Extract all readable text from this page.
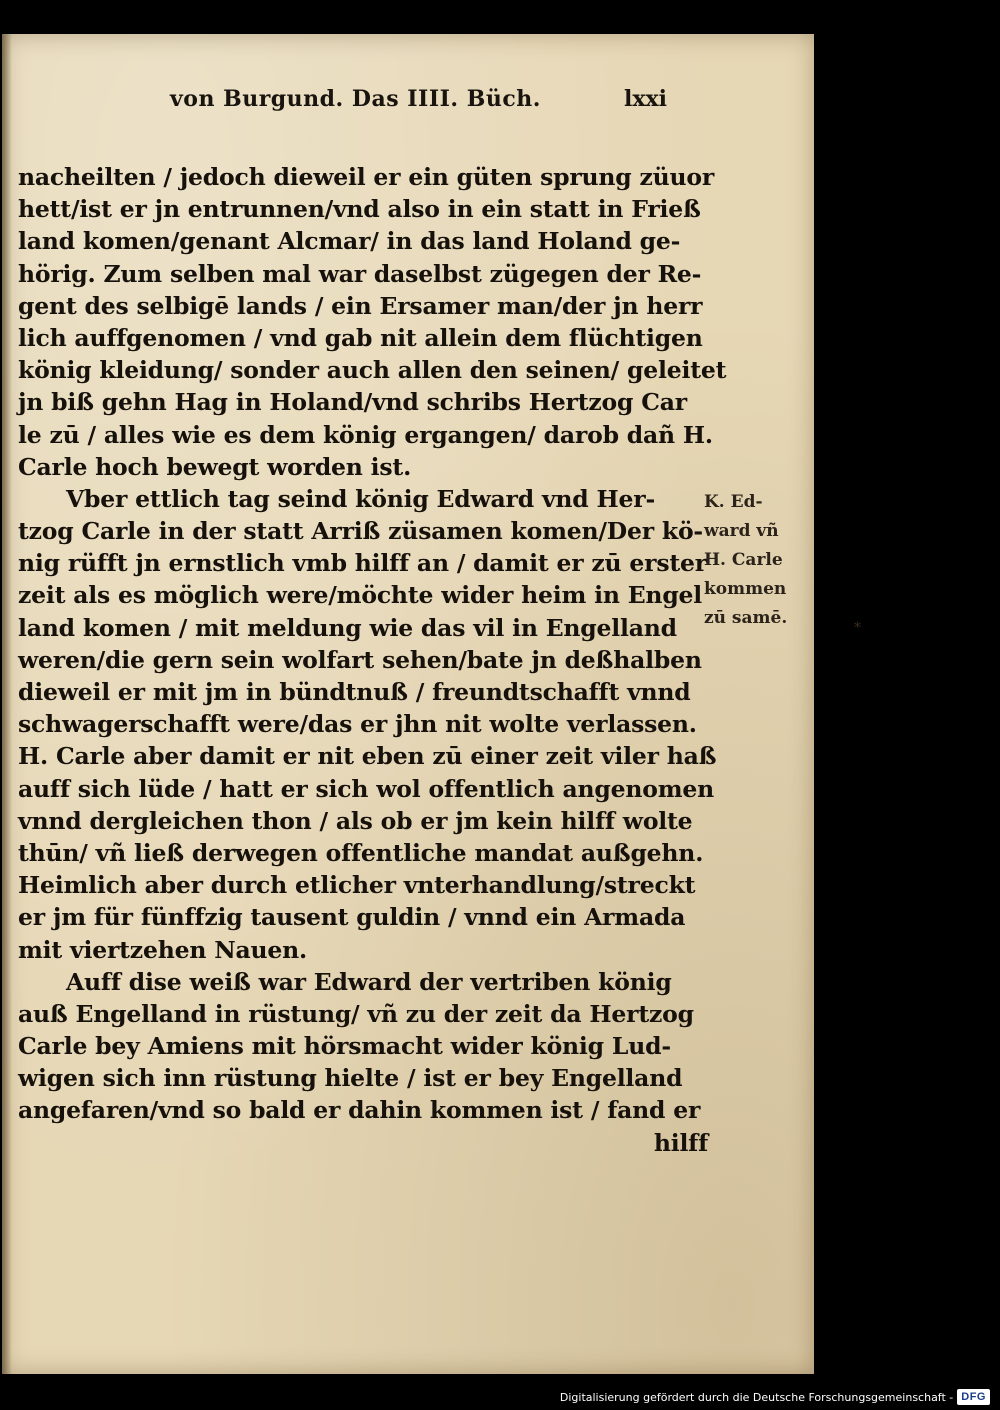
von Burgund. Das IIII. Büch.	lxxi
nacheilten / jedoch dieweil er ein güten sprung züuor
hett/ist er jn entrunnen/vnd also in ein statt in Frieß
land komen/genant Alcmar/ in das land Holand ge-
hörig. Zum selben mal war daselbst zügegen der Re-
gent des selbigē lands / ein Ersamer man/der jn herr
lich auffgenomen / vnd gab nit allein dem flüchtigen
könig kleidung/ sonder auch allen den seinen/ geleitet
jn biß gehn Hag in Holand/vnd schribs Hertzog Car
le zū / alles wie es dem könig ergangen/ darob dañ H.
Carle hoch bewegt worden ist.
Vber ettlich tag seind könig Edward vnd Her-
tzog Carle in der statt Arriß züsamen komen/Der kö-
nig rüfft jn ernstlich vmb hilff an / damit er zū erster
zeit als es möglich were/möchte wider heim in Engel
land komen / mit meldung wie das vil in Engelland
weren/die gern sein wolfart sehen/bate jn deßhalben
dieweil er mit jm in bündtnuß / freundtschafft vnnd
schwagerschafft were/das er jhn nit wolte verlassen.
H. Carle aber damit er nit eben zū einer zeit viler haß
auff sich lüde / hatt er sich wol offentlich angenomen
vnnd dergleichen thon / als ob er jm kein hilff wolte
thūn/ vñ ließ derwegen offentliche mandat außgehn.
Heimlich aber durch etlicher vnterhandlung/streckt
er jm für fünffzig tausent guldin / vnnd ein Armada
mit viertzehen Nauen.
Auff dise weiß war Edward der vertriben könig
auß Engelland in rüstung/ vñ zu der zeit da Hertzog
Carle bey Amiens mit hörsmacht wider könig Lud-
wigen sich inn rüstung hielte / ist er bey Engelland
angefaren/vnd so bald er dahin kommen ist / fand er
hilff
K. Ed-
ward vñ
H. Carle
kommen
zū samē.	*
Digitalisierung gefördert durch die Deutsche Forschungsgemeinschaft - DFG
